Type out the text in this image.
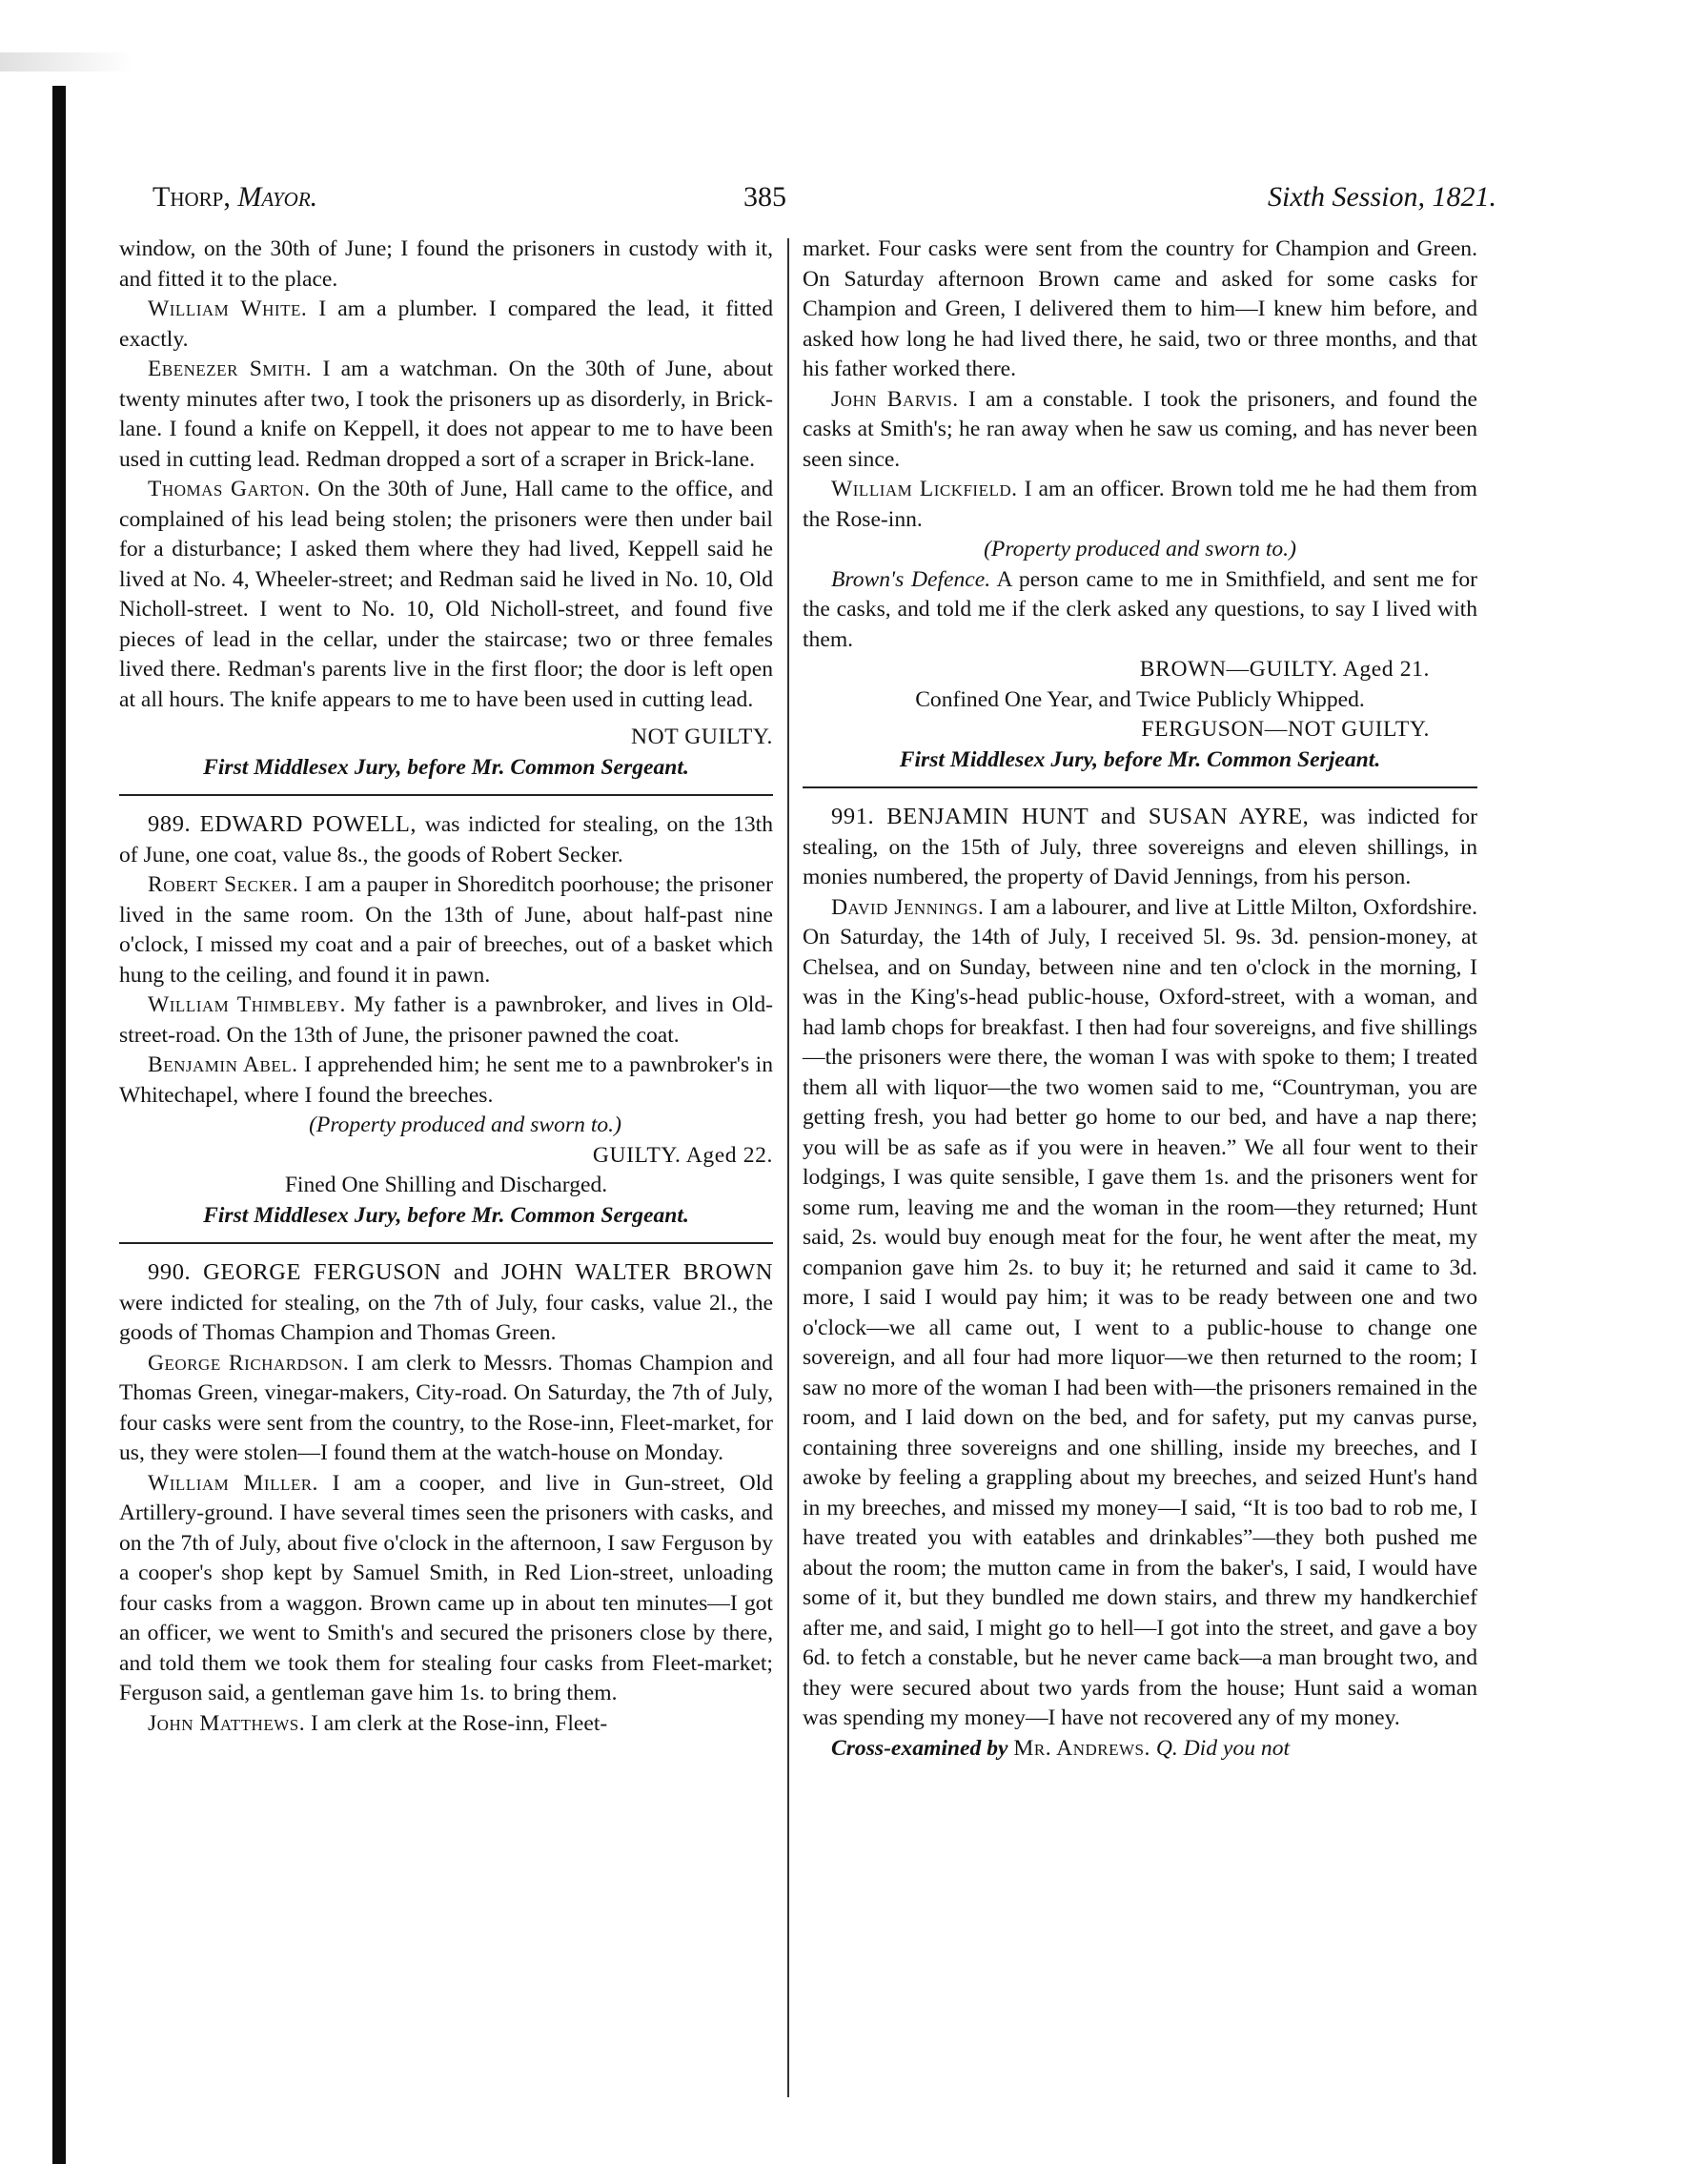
Thorp, Mayor.	385	Sixth Session, 1821.

window, on the 30th of June; I found the prisoners in custody with it, and fitted it to the place.

William White. I am a plumber. I compared the lead, it fitted exactly.

Ebenezer Smith. I am a watchman. On the 30th of June, about twenty minutes after two, I took the prisoners up as disorderly, in Brick-lane. I found a knife on Keppell, it does not appear to me to have been used in cutting lead. Redman dropped a sort of a scraper in Brick-lane.

Thomas Garton. On the 30th of June, Hall came to the office, and complained of his lead being stolen; the prisoners were then under bail for a disturbance; I asked them where they had lived, Keppell said he lived at No. 4, Wheeler-street; and Redman said he lived in No. 10, Old Nicholl-street. I went to No. 10, Old Nicholl-street, and found five pieces of lead in the cellar, under the staircase; two or three females lived there. Redman's parents live in the first floor; the door is left open at all hours. The knife appears to me to have been used in cutting lead.

NOT GUILTY.

First Middlesex Jury, before Mr. Common Sergeant.

989. EDWARD POWELL, was indicted for stealing, on the 13th of June, one coat, value 8s., the goods of Robert Secker.

Robert Secker. I am a pauper in Shoreditch poorhouse; the prisoner lived in the same room. On the 13th of June, about half-past nine o'clock, I missed my coat and a pair of breeches, out of a basket which hung to the ceiling, and found it in pawn.

William Thimbleby. My father is a pawnbroker, and lives in Old-street-road. On the 13th of June, the prisoner pawned the coat.

Benjamin Abel. I apprehended him; he sent me to a pawnbroker's in Whitechapel, where I found the breeches.

(Property produced and sworn to.)

GUILTY. Aged 22.

Fined One Shilling and Discharged.

First Middlesex Jury, before Mr. Common Sergeant.

990. GEORGE FERGUSON and JOHN WALTER BROWN were indicted for stealing, on the 7th of July, four casks, value 2l., the goods of Thomas Champion and Thomas Green.

George Richardson. I am clerk to Messrs. Thomas Champion and Thomas Green, vinegar-makers, City-road. On Saturday, the 7th of July, four casks were sent from the country, to the Rose-inn, Fleet-market, for us, they were stolen—I found them at the watch-house on Monday.

William Miller. I am a cooper, and live in Gun-street, Old Artillery-ground. I have several times seen the prisoners with casks, and on the 7th of July, about five o'clock in the afternoon, I saw Ferguson by a cooper's shop kept by Samuel Smith, in Red Lion-street, unloading four casks from a waggon. Brown came up in about ten minutes—I got an officer, we went to Smith's and secured the prisoners close by there, and told them we took them for stealing four casks from Fleet-market; Ferguson said, a gentleman gave him 1s. to bring them.

John Matthews. I am clerk at the Rose-inn, Fleet-

market. Four casks were sent from the country for Champion and Green. On Saturday afternoon Brown came and asked for some casks for Champion and Green, I delivered them to him—I knew him before, and asked how long he had lived there, he said, two or three months, and that his father worked there.

John Barvis. I am a constable. I took the prisoners, and found the casks at Smith's; he ran away when he saw us coming, and has never been seen since.

William Lickfield. I am an officer. Brown told me he had them from the Rose-inn.

(Property produced and sworn to.)

Brown's Defence. A person came to me in Smithfield, and sent me for the casks, and told me if the clerk asked any questions, to say I lived with them.

BROWN—GUILTY. Aged 21.

Confined One Year, and Twice Publicly Whipped.

FERGUSON—NOT GUILTY.

First Middlesex Jury, before Mr. Common Serjeant.

991. BENJAMIN HUNT and SUSAN AYRE, was indicted for stealing, on the 15th of July, three sovereigns and eleven shillings, in monies numbered, the property of David Jennings, from his person.

David Jennings. I am a labourer, and live at Little Milton, Oxfordshire. On Saturday, the 14th of July, I received 5l. 9s. 3d. pension-money, at Chelsea, and on Sunday, between nine and ten o'clock in the morning, I was in the King's-head public-house, Oxford-street, with a woman, and had lamb chops for breakfast. I then had four sovereigns, and five shillings—the prisoners were there, the woman I was with spoke to them; I treated them all with liquor—the two women said to me, “Countryman, you are getting fresh, you had better go home to our bed, and have a nap there; you will be as safe as if you were in heaven.” We all four went to their lodgings, I was quite sensible, I gave them 1s. and the prisoners went for some rum, leaving me and the woman in the room—they returned; Hunt said, 2s. would buy enough meat for the four, he went after the meat, my companion gave him 2s. to buy it; he returned and said it came to 3d. more, I said I would pay him; it was to be ready between one and two o'clock—we all came out, I went to a public-house to change one sovereign, and all four had more liquor—we then returned to the room; I saw no more of the woman I had been with—the prisoners remained in the room, and I laid down on the bed, and for safety, put my canvas purse, containing three sovereigns and one shilling, inside my breeches, and I awoke by feeling a grappling about my breeches, and seized Hunt's hand in my breeches, and missed my money—I said, “It is too bad to rob me, I have treated you with eatables and drinkables”—they both pushed me about the room; the mutton came in from the baker's, I said, I would have some of it, but they bundled me down stairs, and threw my handkerchief after me, and said, I might go to hell—I got into the street, and gave a boy 6d. to fetch a constable, but he never came back—a man brought two, and they were secured about two yards from the house; Hunt said a woman was spending my money—I have not recovered any of my money.

Cross-examined by Mr. Andrews. Q. Did you not
